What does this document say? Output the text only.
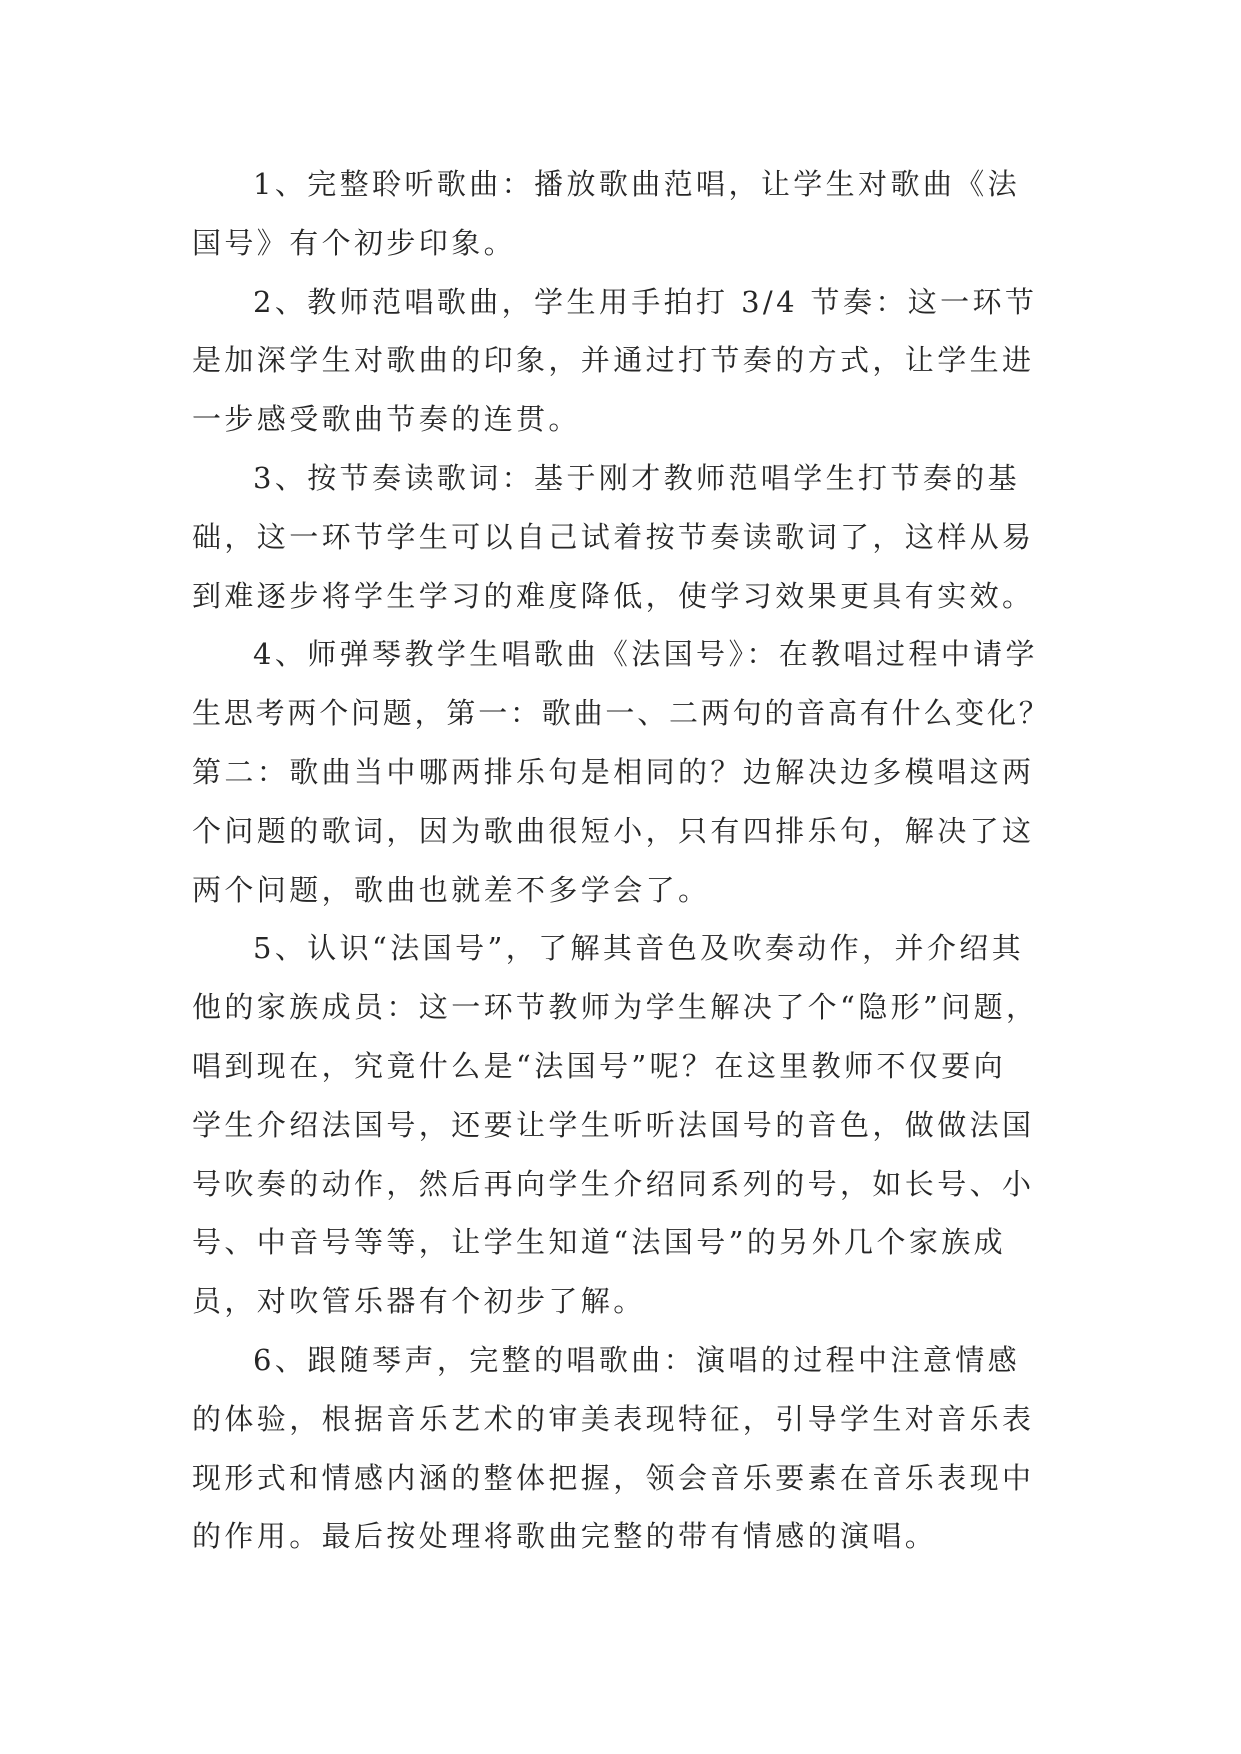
1、完整聆听歌曲：播放歌曲范唱，让学生对歌曲《法
国号》有个初步印象。
2、教师范唱歌曲，学生用手拍打 3/4 节奏：这一环节
是加深学生对歌曲的印象，并通过打节奏的方式，让学生进
一步感受歌曲节奏的连贯。
3、按节奏读歌词：基于刚才教师范唱学生打节奏的基
础，这一环节学生可以自己试着按节奏读歌词了，这样从易
到难逐步将学生学习的难度降低，使学习效果更具有实效。
4、师弹琴教学生唱歌曲《法国号》：在教唱过程中请学
生思考两个问题，第一：歌曲一、二两句的音高有什么变化？
第二：歌曲当中哪两排乐句是相同的？边解决边多模唱这两
个问题的歌词，因为歌曲很短小，只有四排乐句，解决了这
两个问题，歌曲也就差不多学会了。
5、认识“法国号”，了解其音色及吹奏动作，并介绍其
他的家族成员：这一环节教师为学生解决了个“隐形”问题，
唱到现在，究竟什么是“法国号”呢？在这里教师不仅要向
学生介绍法国号，还要让学生听听法国号的音色，做做法国
号吹奏的动作，然后再向学生介绍同系列的号，如长号、小
号、中音号等等，让学生知道“法国号”的另外几个家族成
员，对吹管乐器有个初步了解。
6、跟随琴声，完整的唱歌曲：演唱的过程中注意情感
的体验，根据音乐艺术的审美表现特征，引导学生对音乐表
现形式和情感内涵的整体把握，领会音乐要素在音乐表现中
的作用。最后按处理将歌曲完整的带有情感的演唱。
